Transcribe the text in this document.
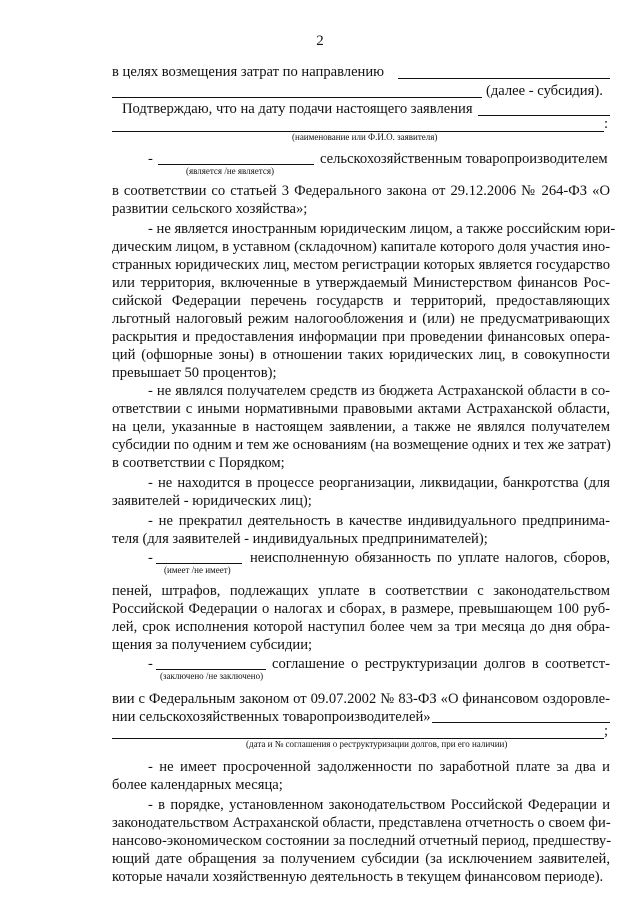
2
в целях возмещения затрат по направлению
(далее - субсидия).
Подтверждаю, что на дату подачи настоящего заявления
:
(наименование или Ф.И.О. заявителя)
-	сельскохозяйственным товаропроизводителем
(является /не является)
в соответствии со статьей 3 Федерального закона от 29.12.2006 № 264-ФЗ «О
развитии сельского хозяйства»;
- не является иностранным юридическим лицом, а также российским юри-
дическим лицом, в уставном (складочном) капитале которого доля участия ино-
странных юридических лиц, местом регистрации которых является государство
или территория, включенные в утверждаемый Министерством финансов Рос-
сийской Федерации перечень государств и территорий, предоставляющих
льготный налоговый режим налогообложения и (или) не предусматривающих
раскрытия и предоставления информации при проведении финансовых опера-
ций (офшорные зоны) в отношении таких юридических лиц, в совокупности
превышает 50 процентов);
- не являлся получателем средств из бюджета Астраханской области в со-
ответствии с иными нормативными правовыми актами Астраханской области,
на цели, указанные в настоящем заявлении, а также не являлся получателем
субсидии по одним и тем же основаниям (на возмещение одних и тех же затрат)
в соответствии с Порядком;
- не находится в процессе реорганизации, ликвидации, банкротства (для
заявителей - юридических лиц);
- не прекратил деятельность в качестве индивидуального предпринима-
теля (для заявителей - индивидуальных предпринимателей);
-	неисполненную обязанность по уплате налогов, сборов,
(имеет /не имеет)
пеней, штрафов, подлежащих уплате в соответствии с законодательством
Российской Федерации о налогах и сборах, в размере, превышающем 100 руб-
лей, срок исполнения которой наступил более чем за три месяца до дня обра-
щения за получением субсидии;
-	соглашение о реструктуризации долгов в соответст-
(заключено /не заключено)
вии с Федеральным законом от 09.07.2002 № 83-ФЗ «О финансовом оздоровле-
нии сельскохозяйственных товаропроизводителей»
;
(дата и № соглашения о реструктуризации долгов, при его наличии)
- не имеет просроченной задолженности по заработной плате за два и
более календарных месяца;
- в порядке, установленном законодательством Российской Федерации и
законодательством Астраханской области, представлена отчетность о своем фи-
нансово-экономическом состоянии за последний отчетный период, предшеству-
ющий дате обращения за получением субсидии (за исключением заявителей,
которые начали хозяйственную деятельность в текущем финансовом периоде).
